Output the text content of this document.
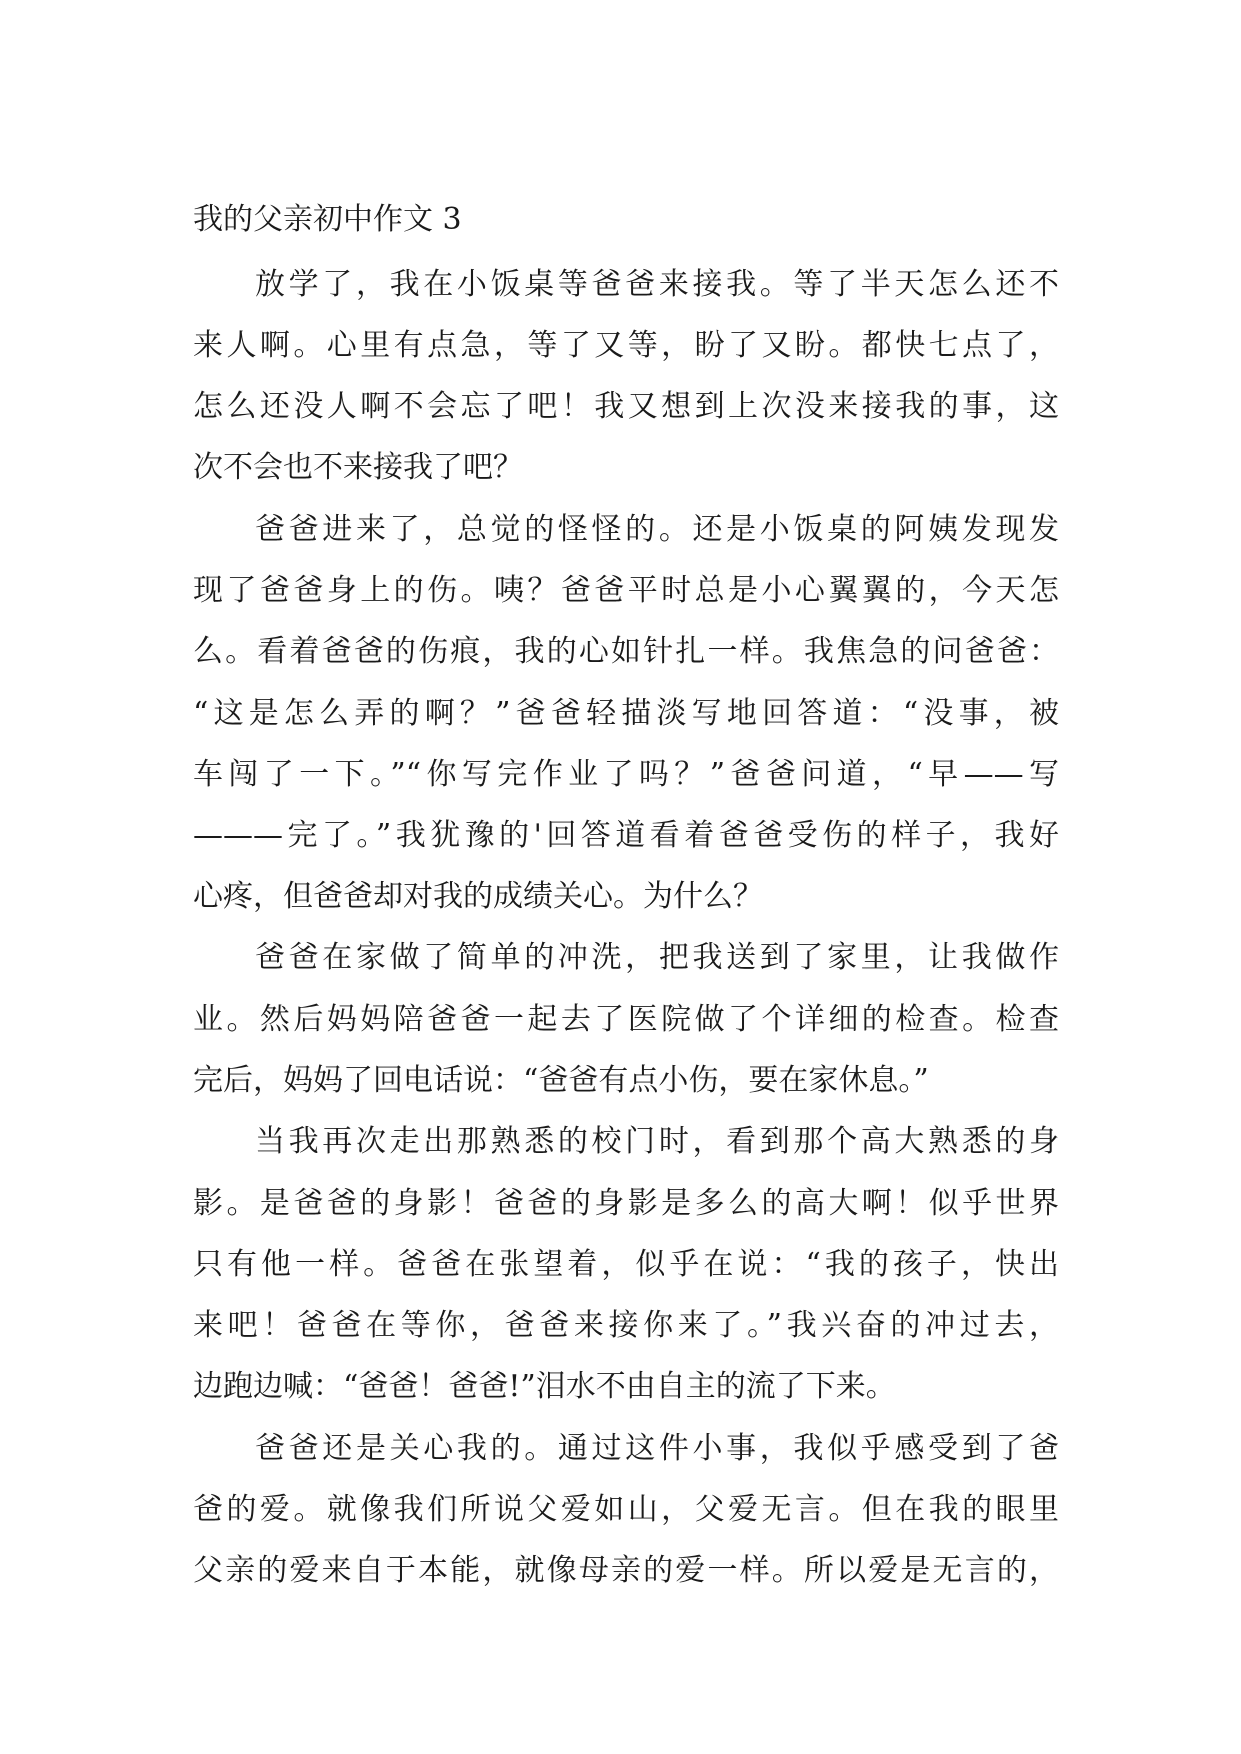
我的父亲初中作文 3
放学了，我在小饭桌等爸爸来接我。等了半天怎么还不
来人啊。心里有点急，等了又等，盼了又盼。都快七点了，
怎么还没人啊不会忘了吧！我又想到上次没来接我的事，这
次不会也不来接我了吧？
爸爸进来了，总觉的怪怪的。还是小饭桌的阿姨发现发
现了爸爸身上的伤。咦？爸爸平时总是小心翼翼的，今天怎
么。看着爸爸的伤痕，我的心如针扎一样。我焦急的问爸爸：
“这是怎么弄的啊？”爸爸轻描淡写地回答道：“没事，被
车闯了一下。”“你写完作业了吗？”爸爸问道，“早——写
———完了。”我犹豫的'回答道看着爸爸受伤的样子，我好
心疼，但爸爸却对我的成绩关心。为什么？
爸爸在家做了简单的冲洗，把我送到了家里，让我做作
业。然后妈妈陪爸爸一起去了医院做了个详细的检查。检查
完后，妈妈了回电话说：“爸爸有点小伤，要在家休息。”
当我再次走出那熟悉的校门时，看到那个高大熟悉的身
影。是爸爸的身影！爸爸的身影是多么的高大啊！似乎世界
只有他一样。爸爸在张望着，似乎在说：“我的孩子，快出
来吧！爸爸在等你，爸爸来接你来了。”我兴奋的冲过去，
边跑边喊：“爸爸！爸爸!”泪水不由自主的流了下来。
爸爸还是关心我的。通过这件小事，我似乎感受到了爸
爸的爱。就像我们所说父爱如山，父爱无言。但在我的眼里
父亲的爱来自于本能，就像母亲的爱一样。所以爱是无言的，
